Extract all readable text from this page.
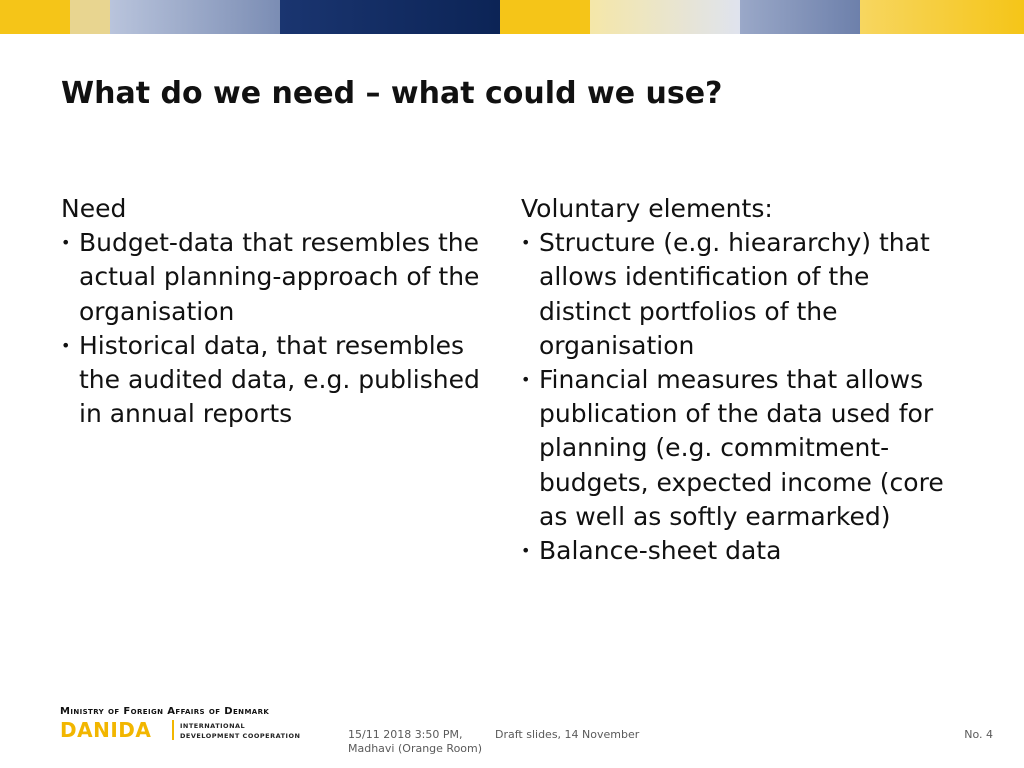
What do we need – what could we use?
Need
• Budget-data that resembles the actual planning-approach of the organisation
• Historical data, that resembles the audited data, e.g. published in annual reports
Voluntary elements:
• Structure (e.g. hieararchy) that allows identification of the distinct portfolios of the organisation
• Financial measures that allows publication of the data used for planning (e.g. commitment-budgets, expected income (core as well as softly earmarked)
• Balance-sheet data
Ministry of Foreign Affairs of Denmark
DANIDA	INTERNATIONAL
DEVELOPMENT COOPERATION	15/11 2018 3:50 PM, Madhavi (Orange Room)
Draft slides, 14 November	No. 4
